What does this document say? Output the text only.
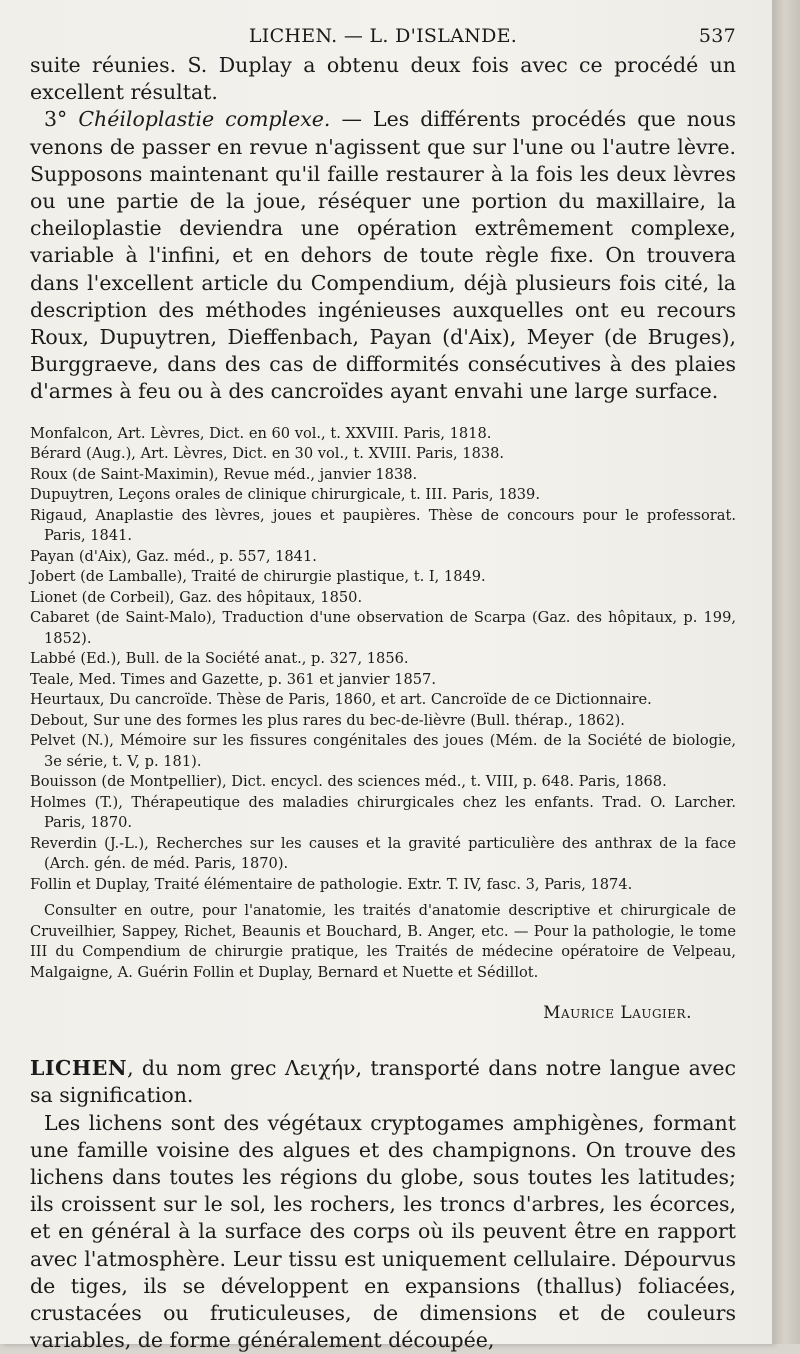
LICHEN. — L. D'ISLANDE.	537

suite réunies. S. Duplay a obtenu deux fois avec ce procédé un excellent résultat.

3° Chéiloplastie complexe. — Les différents procédés que nous venons de passer en revue n'agissent que sur l'une ou l'autre lèvre. Supposons maintenant qu'il faille restaurer à la fois les deux lèvres ou une partie de la joue, réséquer une portion du maxillaire, la cheiloplastie deviendra une opération extrêmement complexe, variable à l'infini, et en dehors de toute règle fixe. On trouvera dans l'excellent article du Compendium, déjà plusieurs fois cité, la description des méthodes ingénieuses auxquelles ont eu recours Roux, Dupuytren, Dieffenbach, Payan (d'Aix), Meyer (de Bruges), Burggraeve, dans des cas de difformités consécutives à des plaies d'armes à feu ou à des cancroïdes ayant envahi une large surface.

Monfalcon, Art. Lèvres, Dict. en 60 vol., t. XXVIII. Paris, 1818.
Bérard (Aug.), Art. Lèvres, Dict. en 30 vol., t. XVIII. Paris, 1838.
Roux (de Saint-Maximin), Revue méd., janvier 1838.
Dupuytren, Leçons orales de clinique chirurgicale, t. III. Paris, 1839.
Rigaud, Anaplastie des lèvres, joues et paupières. Thèse de concours pour le professorat. Paris, 1841.
Payan (d'Aix), Gaz. méd., p. 557, 1841.
Jobert (de Lamballe), Traité de chirurgie plastique, t. I, 1849.
Lionet (de Corbeil), Gaz. des hôpitaux, 1850.
Cabaret (de Saint-Malo), Traduction d'une observation de Scarpa (Gaz. des hôpitaux, p. 199, 1852).
Labbé (Ed.), Bull. de la Société anat., p. 327, 1856.
Teale, Med. Times and Gazette, p. 361 et janvier 1857.
Heurtaux, Du cancroïde. Thèse de Paris, 1860, et art. Cancroïde de ce Dictionnaire.
Debout, Sur une des formes les plus rares du bec-de-lièvre (Bull. thérap., 1862).
Pelvet (N.), Mémoire sur les fissures congénitales des joues (Mém. de la Société de biologie, 3e série, t. V, p. 181).
Bouisson (de Montpellier), Dict. encycl. des sciences méd., t. VIII, p. 648. Paris, 1868.
Holmes (T.), Thérapeutique des maladies chirurgicales chez les enfants. Trad. O. Larcher. Paris, 1870.
Reverdin (J.-L.), Recherches sur les causes et la gravité particulière des anthrax de la face (Arch. gén. de méd. Paris, 1870).
Follin et Duplay, Traité élémentaire de pathologie. Extr. T. IV, fasc. 3, Paris, 1874.

Consulter en outre, pour l'anatomie, les traités d'anatomie descriptive et chirurgicale de Cruveilhier, Sappey, Richet, Beaunis et Bouchard, B. Anger, etc. — Pour la pathologie, le tome III du Compendium de chirurgie pratique, les Traités de médecine opératoire de Velpeau, Malgaigne, A. Guérin Follin et Duplay, Bernard et Nuette et Sédillot.

Maurice Laugier.

LICHEN, du nom grec Λειχήν, transporté dans notre langue avec sa signification.

Les lichens sont des végétaux cryptogames amphigènes, formant une famille voisine des algues et des champignons. On trouve des lichens dans toutes les régions du globe, sous toutes les latitudes; ils croissent sur le sol, les rochers, les troncs d'arbres, les écorces, et en général à la surface des corps où ils peuvent être en rapport avec l'atmosphère. Leur tissu est uniquement cellulaire. Dépourvus de tiges, ils se développent en expansions (thallus) foliacées, crustacées ou fruticuleuses, de dimensions et de couleurs variables, de forme généralement découpée,
